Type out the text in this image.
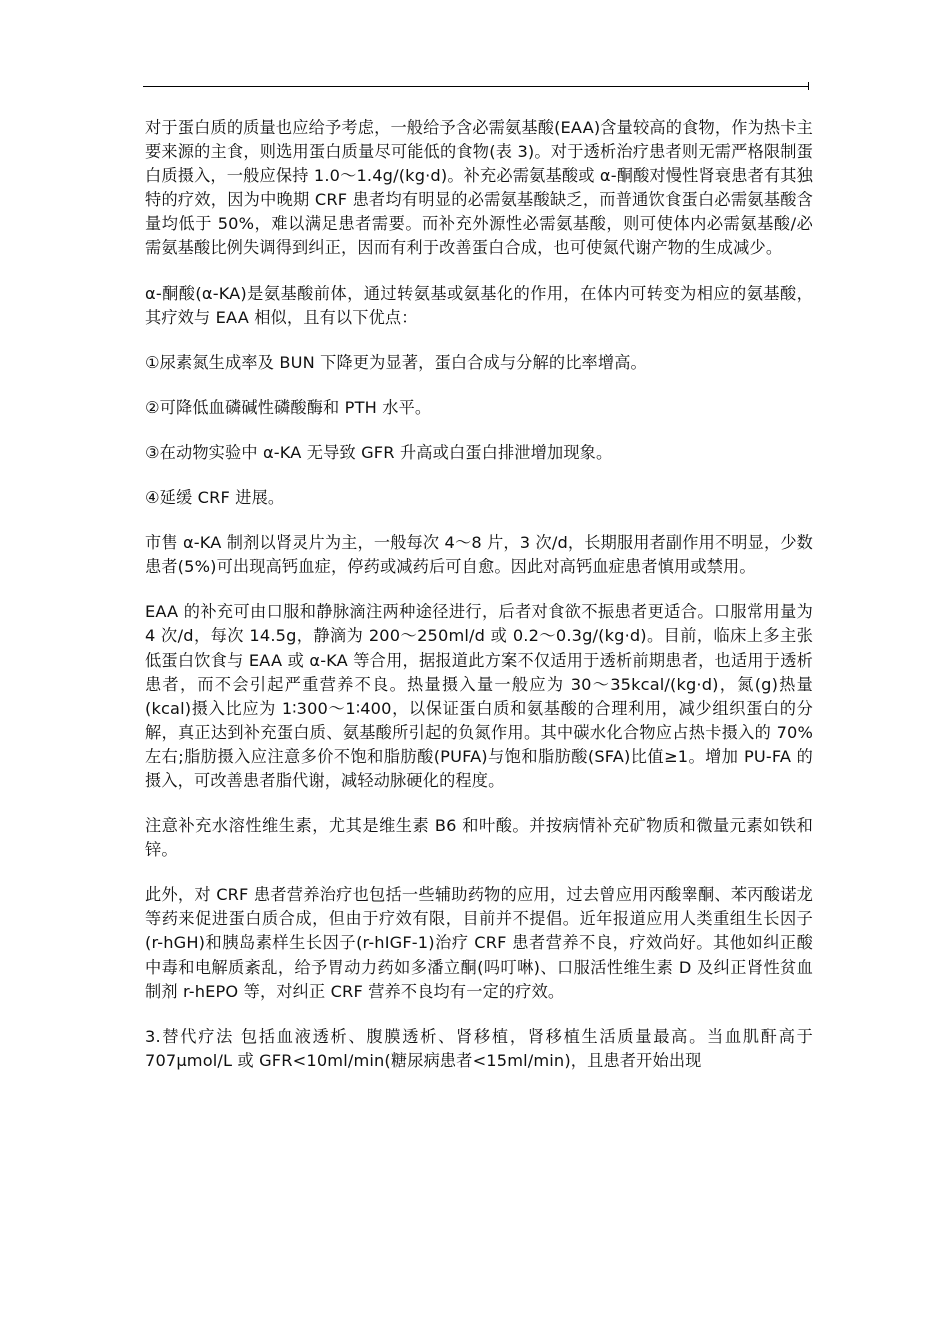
对于蛋白质的质量也应给予考虑，一般给予含必需氨基酸(EAA)含量较高的食物，作为热卡主要来源的主食，则选用蛋白质量尽可能低的食物(表 3)。对于透析治疗患者则无需严格限制蛋白质摄入，一般应保持 1.0～1.4g/(kg·d)。补充必需氨基酸或 α-酮酸对慢性肾衰患者有其独特的疗效，因为中晚期 CRF 患者均有明显的必需氨基酸缺乏，而普通饮食蛋白必需氨基酸含量均低于 50%，难以满足患者需要。而补充外源性必需氨基酸，则可使体内必需氨基酸/必需氨基酸比例失调得到纠正，因而有利于改善蛋白合成，也可使氮代谢产物的生成减少。

α-酮酸(α-KA)是氨基酸前体，通过转氨基或氨基化的作用，在体内可转变为相应的氨基酸，其疗效与 EAA 相似，且有以下优点：

①尿素氮生成率及 BUN 下降更为显著，蛋白合成与分解的比率增高。

②可降低血磷碱性磷酸酶和 PTH 水平。

③在动物实验中 α-KA 无导致 GFR 升高或白蛋白排泄增加现象。

④延缓 CRF 进展。

市售 α-KA 制剂以肾灵片为主，一般每次 4～8 片，3 次/d，长期服用者副作用不明显，少数患者(5%)可出现高钙血症，停药或减药后可自愈。因此对高钙血症患者慎用或禁用。

EAA 的补充可由口服和静脉滴注两种途径进行，后者对食欲不振患者更适合。口服常用量为 4 次/d，每次 14.5g，静滴为 200～250ml/d 或 0.2～0.3g/(kg·d)。目前，临床上多主张低蛋白饮食与 EAA 或 α-KA 等合用，据报道此方案不仅适用于透析前期患者，也适用于透析患者，而不会引起严重营养不良。热量摄入量一般应为 30～35kcal/(kg·d)，氮(g)热量(kcal)摄入比应为 1∶300～1∶400，以保证蛋白质和氨基酸的合理利用，减少组织蛋白的分解，真正达到补充蛋白质、氨基酸所引起的负氮作用。其中碳水化合物应占热卡摄入的 70%左右;脂肪摄入应注意多价不饱和脂肪酸(PUFA)与饱和脂肪酸(SFA)比值≥1。增加 PU-FA 的摄入，可改善患者脂代谢，减轻动脉硬化的程度。

注意补充水溶性维生素，尤其是维生素 B6 和叶酸。并按病情补充矿物质和微量元素如铁和锌。

此外，对 CRF 患者营养治疗也包括一些辅助药物的应用，过去曾应用丙酸睾酮、苯丙酸诺龙等药来促进蛋白质合成，但由于疗效有限，目前并不提倡。近年报道应用人类重组生长因子(r-hGH)和胰岛素样生长因子(r-hIGF-1)治疗 CRF 患者营养不良，疗效尚好。其他如纠正酸中毒和电解质紊乱，给予胃动力药如多潘立酮(吗叮啉)、口服活性维生素 D 及纠正肾性贫血制剂 r-hEPO 等，对纠正 CRF 营养不良均有一定的疗效。

3.替代疗法 包括血液透析、腹膜透析、肾移植，肾移植生活质量最高。当血肌酐高于 707μmol/L 或 GFR<10ml/min(糖尿病患者<15ml/min)，且患者开始出现
